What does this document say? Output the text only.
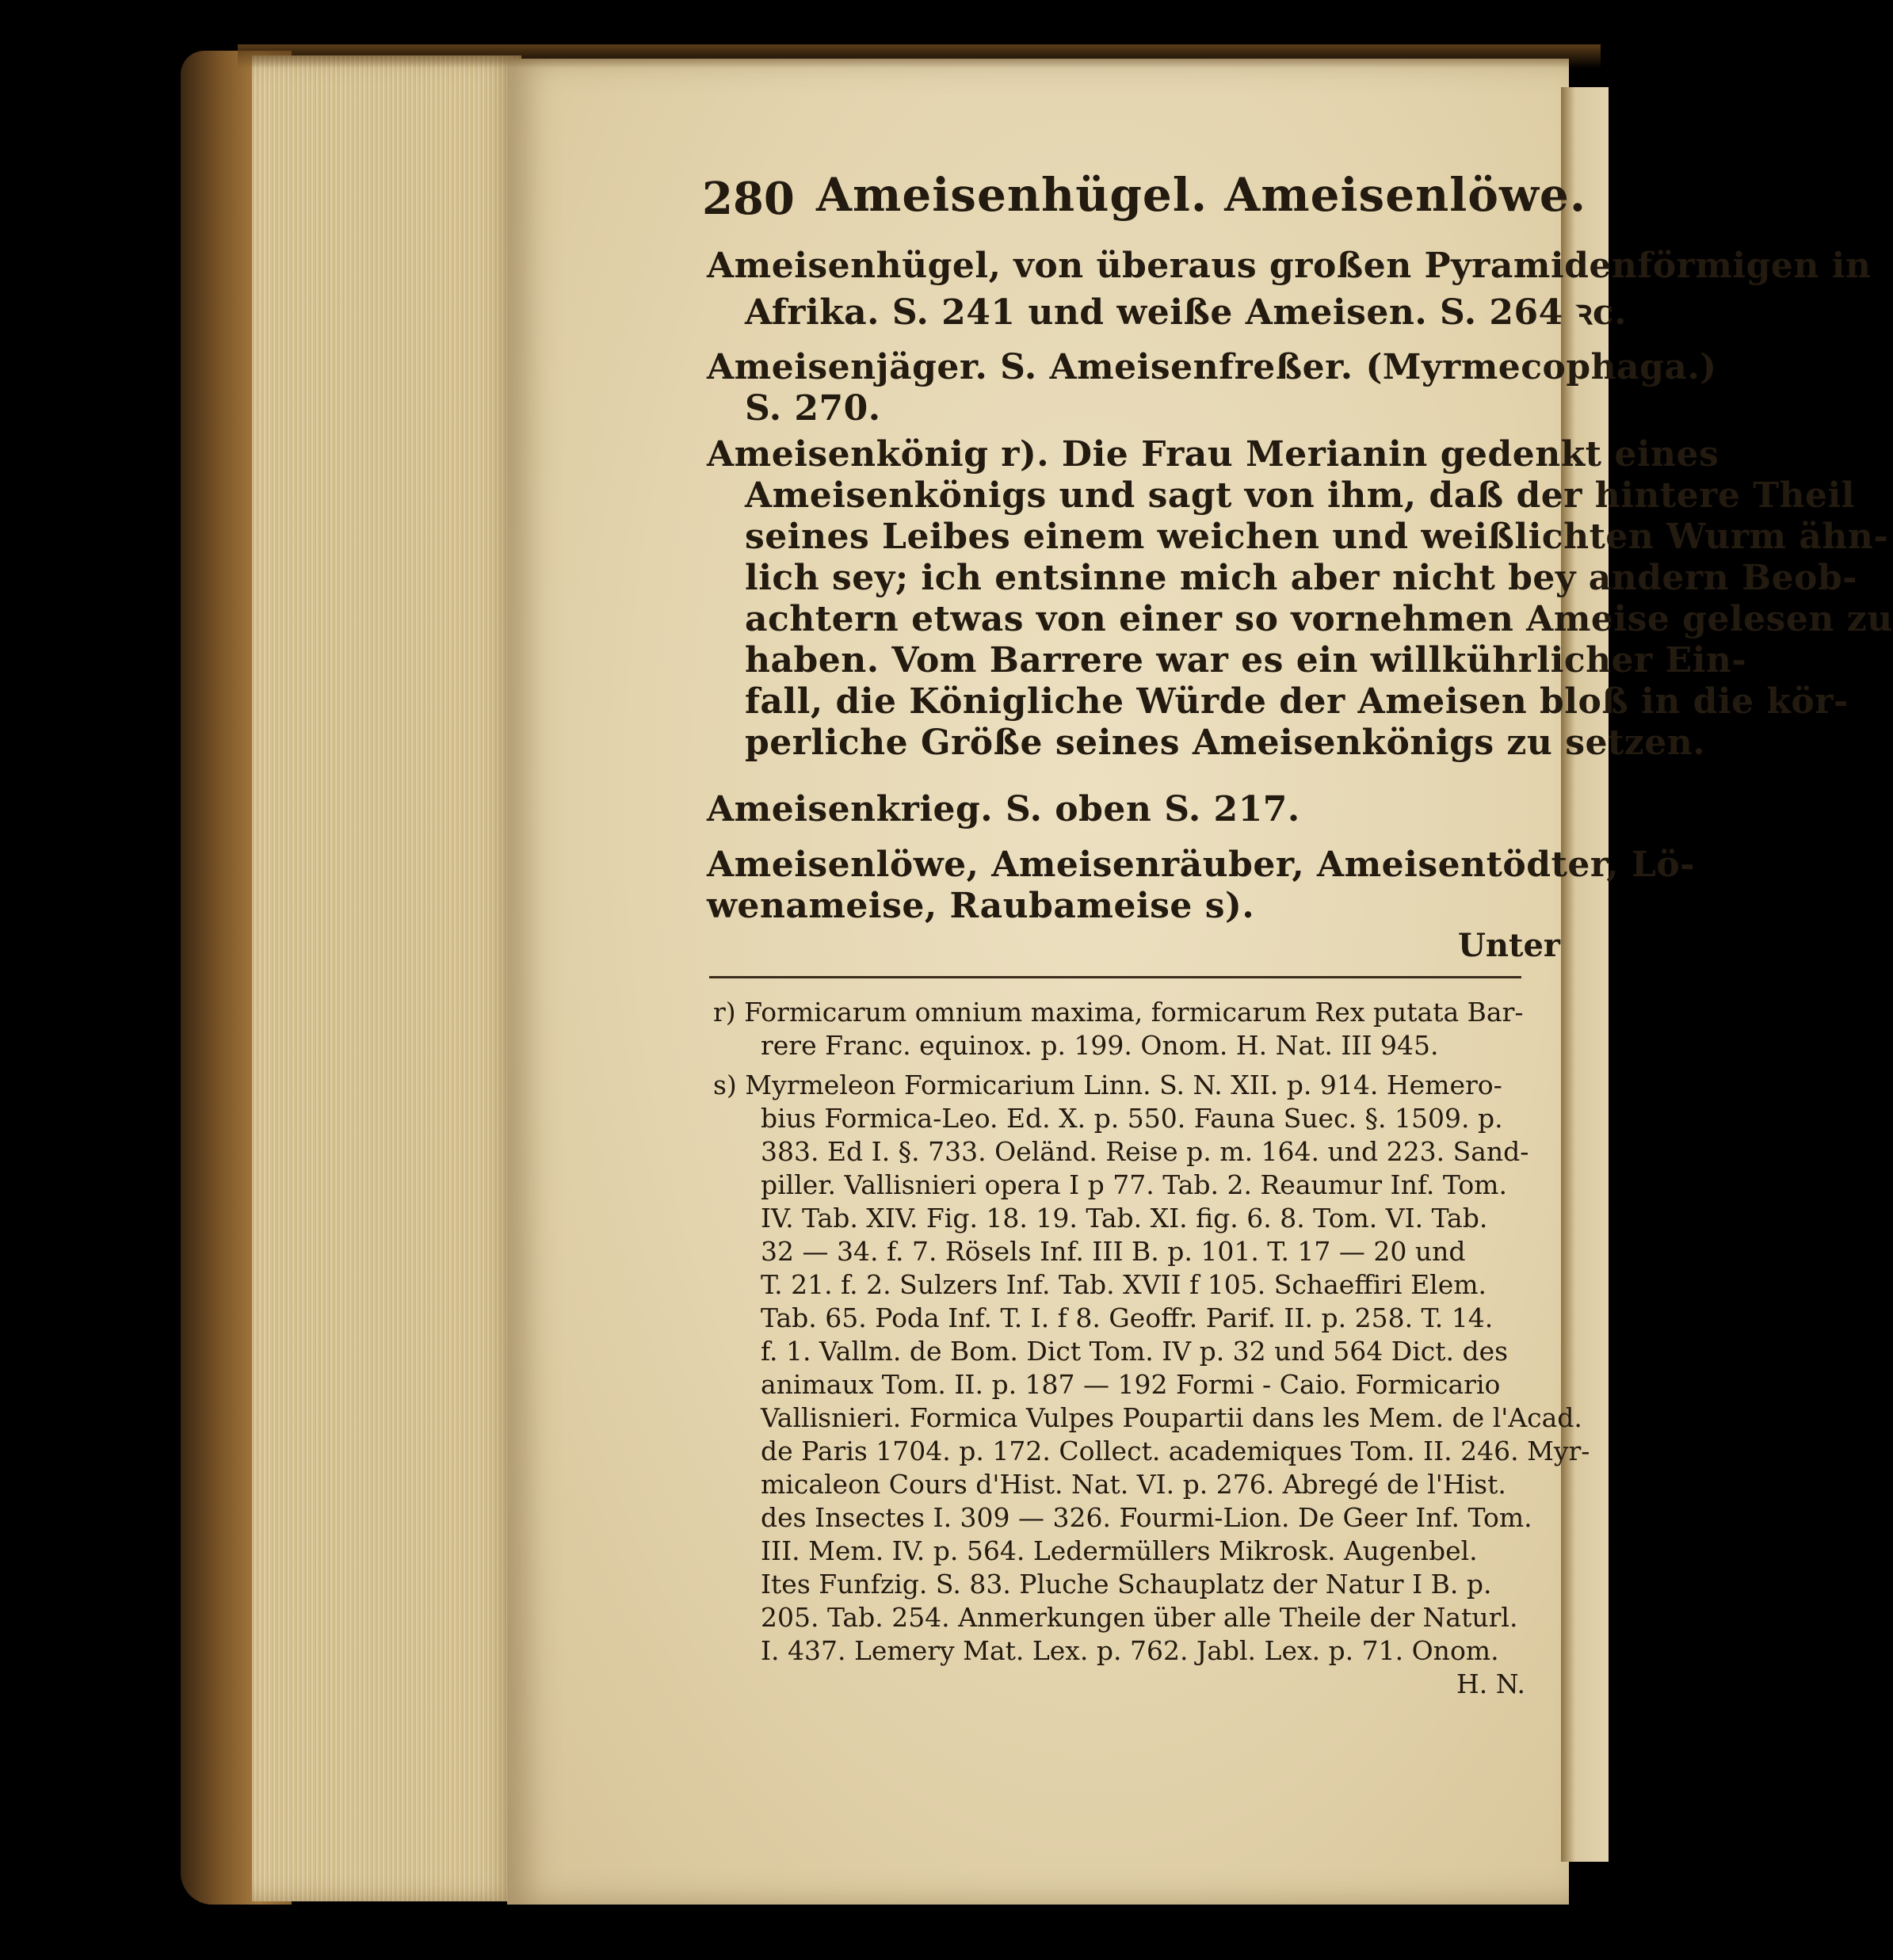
280 Ameisenhügel. Ameisenlöwe.
Ameisenhügel, von überaus großen Pyramidenförmigen in
Afrika. S. 241 und weiße Ameisen. S. 264 ꝛc.
Ameisenjäger. S. Ameisenfreßer. (Myrmecophaga.)
S. 270.
Ameisenkönig r). Die Frau Merianin gedenkt eines
Ameisenkönigs und sagt von ihm, daß der hintere Theil
seines Leibes einem weichen und weißlichten Wurm ähn-
lich sey; ich entsinne mich aber nicht bey andern Beob-
achtern etwas von einer so vornehmen Ameise gelesen zu
haben. Vom Barrere war es ein willkührlicher Ein-
fall, die Königliche Würde der Ameisen bloß in die kör-
perliche Größe seines Ameisenkönigs zu setzen.
Ameisenkrieg. S. oben S. 217.
Ameisenlöwe, Ameisenräuber, Ameisentödter, Lö-
wenameise, Raubameise s).
Unter
r) Formicarum omnium maxima, formicarum Rex putata Bar-
rere Franc. equinox. p. 199. Onom. H. Nat. III 945.
s) Myrmeleon Formicarium Linn. S. N. XII. p. 914. Hemero-
bius Formica-Leo. Ed. X. p. 550. Fauna Suec. §. 1509. p.
383. Ed I. §. 733. Oeländ. Reise p. m. 164. und 223. Sand-
piller. Vallisnieri opera I p 77. Tab. 2. Reaumur Inf. Tom.
IV. Tab. XIV. Fig. 18. 19. Tab. XI. fig. 6. 8. Tom. VI. Tab.
32 — 34. f. 7. Rösels Inf. III B. p. 101. T. 17 — 20 und
T. 21. f. 2. Sulzers Inf. Tab. XVII f 105. Schaeffiri Elem.
Tab. 65. Poda Inf. T. I. f 8. Geoffr. Parif. II. p. 258. T. 14.
f. 1. Vallm. de Bom. Dict Tom. IV p. 32 und 564 Dict. des
animaux Tom. II. p. 187 — 192 Formi - Caio. Formicario
Vallisnieri. Formica Vulpes Poupartii dans les Mem. de l'Acad.
de Paris 1704. p. 172. Collect. academiques Tom. II. 246. Myr-
micaleon Cours d'Hist. Nat. VI. p. 276. Abregé de l'Hist.
des Insectes I. 309 — 326. Fourmi-Lion. De Geer Inf. Tom.
III. Mem. IV. p. 564. Ledermüllers Mikrosk. Augenbel.
Ites Funfzig. S. 83. Pluche Schauplatz der Natur I B. p.
205. Tab. 254. Anmerkungen über alle Theile der Naturl.
I. 437. Lemery Mat. Lex. p. 762. Jabl. Lex. p. 71. Onom.
H. N.
